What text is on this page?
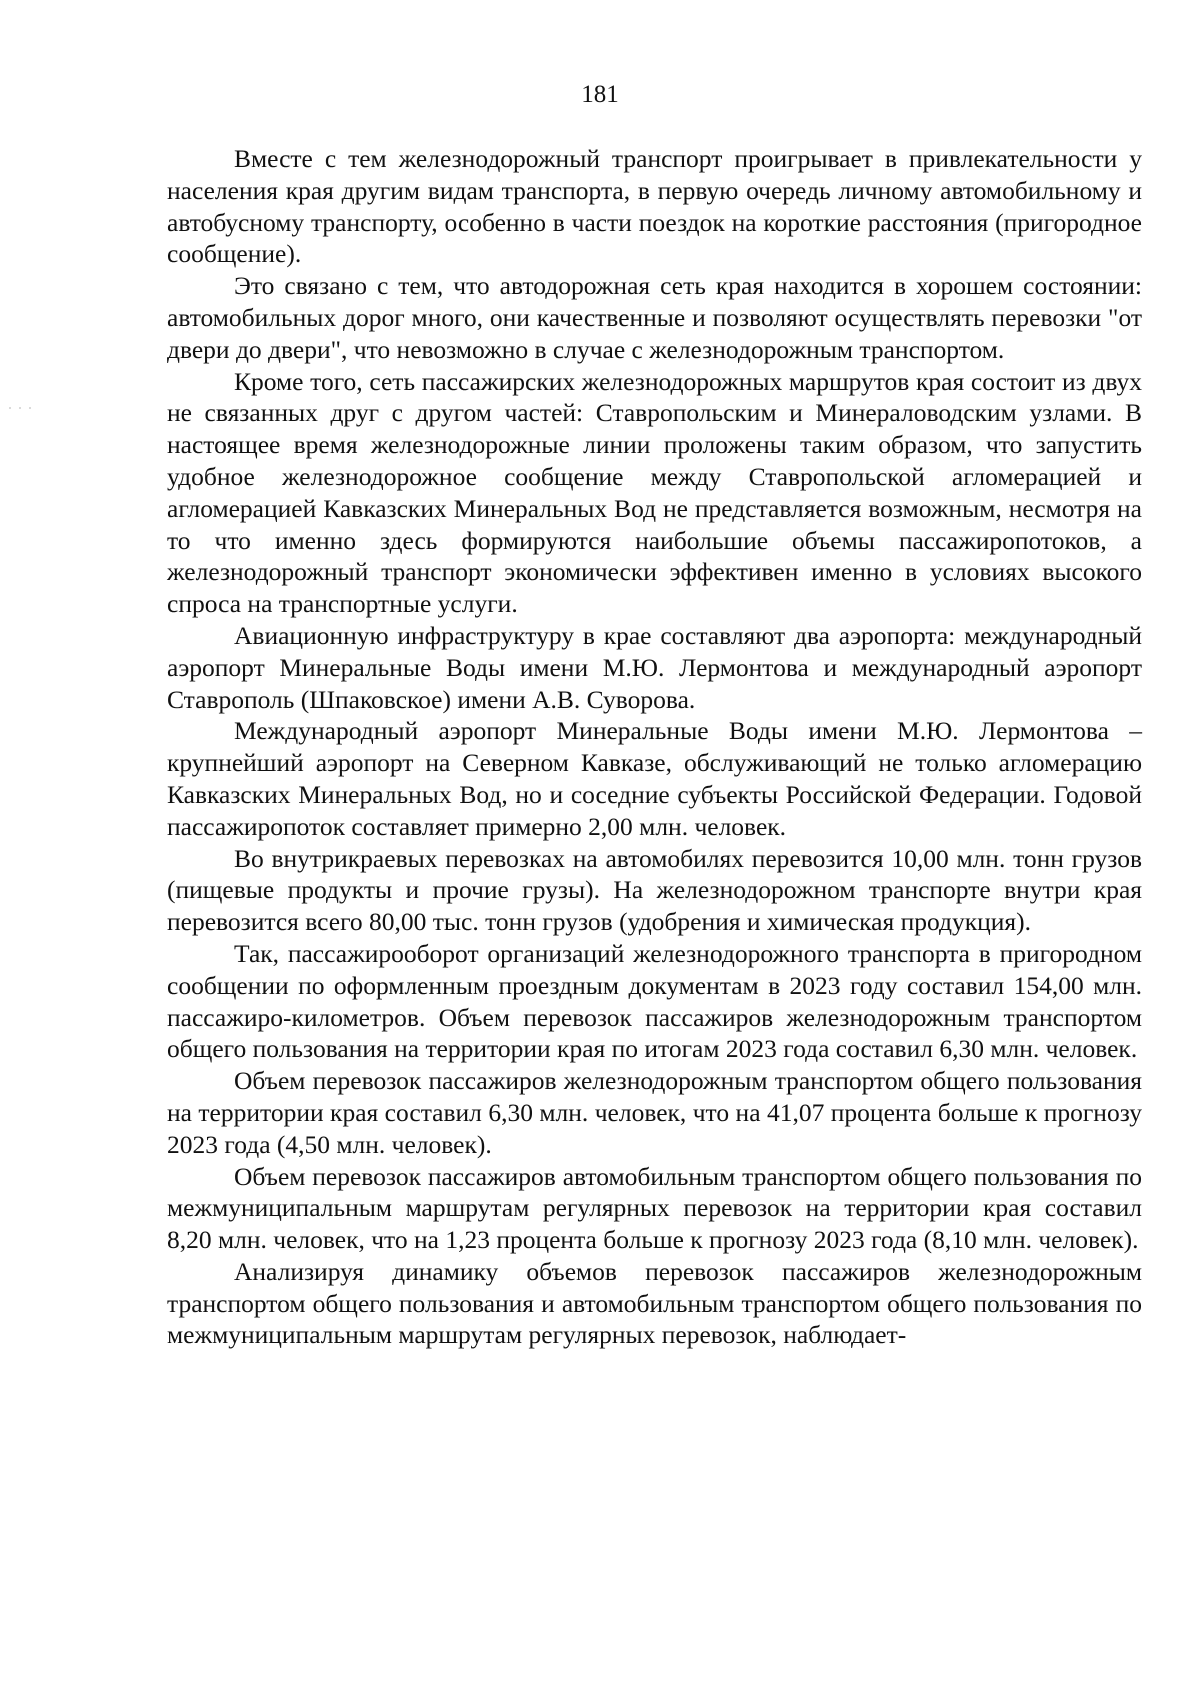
181

Вместе с тем железнодорожный транспорт проигрывает в привлекательности у населения края другим видам транспорта, в первую очередь личному автомобильному и автобусному транспорту, особенно в части поездок на короткие расстояния (пригородное сообщение).

Это связано с тем, что автодорожная сеть края находится в хорошем состоянии: автомобильных дорог много, они качественные и позволяют осуществлять перевозки "от двери до двери", что невозможно в случае с железнодорожным транспортом.

Кроме того, сеть пассажирских железнодорожных маршрутов края состоит из двух не связанных друг с другом частей: Ставропольским и Минераловодским узлами. В настоящее время железнодорожные линии проложены таким образом, что запустить удобное железнодорожное сообщение между Ставропольской агломерацией и агломерацией Кавказских Минеральных Вод не представляется возможным, несмотря на то что именно здесь формируются наибольшие объемы пассажиропотоков, а железнодорожный транспорт экономически эффективен именно в условиях высокого спроса на транспортные услуги.

Авиационную инфраструктуру в крае составляют два аэропорта: международный аэропорт Минеральные Воды имени М.Ю. Лермонтова и международный аэропорт Ставрополь (Шпаковское) имени А.В. Суворова.

Международный аэропорт Минеральные Воды имени М.Ю. Лермонтова – крупнейший аэропорт на Северном Кавказе, обслуживающий не только агломерацию Кавказских Минеральных Вод, но и соседние субъекты Российской Федерации. Годовой пассажиропоток составляет примерно 2,00 млн. человек.

Во внутрикраевых перевозках на автомобилях перевозится 10,00 млн. тонн грузов (пищевые продукты и прочие грузы). На железнодорожном транспорте внутри края перевозится всего 80,00 тыс. тонн грузов (удобрения и химическая продукция).

Так, пассажирооборот организаций железнодорожного транспорта в пригородном сообщении по оформленным проездным документам в 2023 году составил 154,00 млн. пассажиро-километров. Объем перевозок пассажиров железнодорожным транспортом общего пользования на территории края по итогам 2023 года составил 6,30 млн. человек.

Объем перевозок пассажиров железнодорожным транспортом общего пользования на территории края составил 6,30 млн. человек, что на 41,07 процента больше к прогнозу 2023 года (4,50 млн. человек).

Объем перевозок пассажиров автомобильным транспортом общего пользования по межмуниципальным маршрутам регулярных перевозок на территории края составил 8,20 млн. человек, что на 1,23 процента больше к прогнозу 2023 года (8,10 млн. человек).

Анализируя динамику объемов перевозок пассажиров железнодорожным транспортом общего пользования и автомобильным транспортом общего пользования по межмуниципальным маршрутам регулярных перевозок, наблюдает-
